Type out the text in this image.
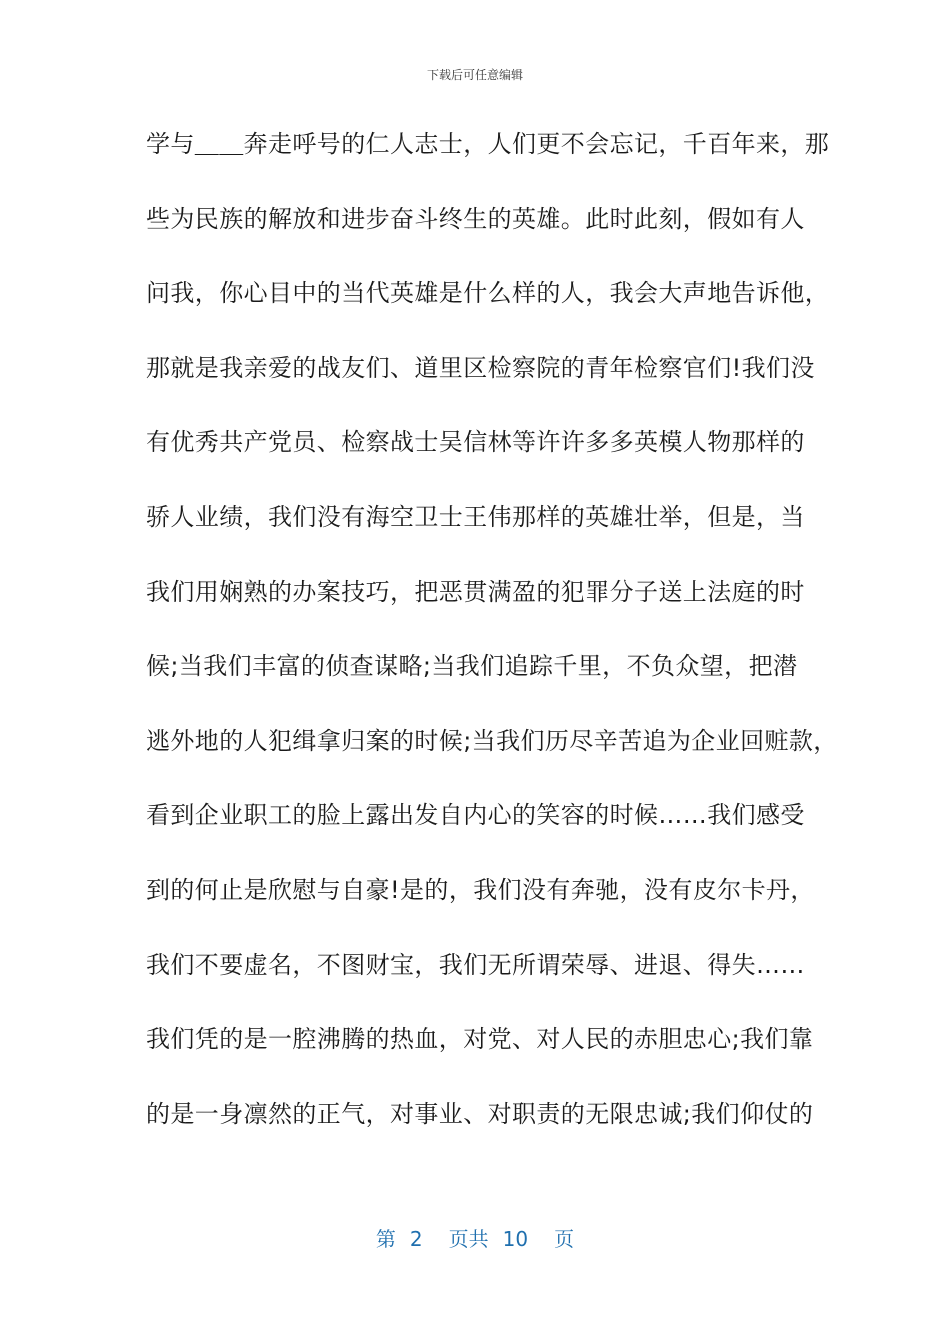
下载后可任意编辑
学与＿＿奔走呼号的仁人志士，人们更不会忘记，千百年来，那
些为民族的解放和进步奋斗终生的英雄。此时此刻，假如有人
问我，你心目中的当代英雄是什么样的人，我会大声地告诉他，
那就是我亲爱的战友们、道里区检察院的青年检察官们!我们没
有优秀共产党员、检察战士吴信林等许许多多英模人物那样的
骄人业绩，我们没有海空卫士王伟那样的英雄壮举，但是，当
我们用娴熟的办案技巧，把恶贯满盈的犯罪分子送上法庭的时
候;当我们丰富的侦查谋略;当我们追踪千里，不负众望，把潜
逃外地的人犯缉拿归案的时候;当我们历尽辛苦追为企业回赃款，
看到企业职工的脸上露出发自内心的笑容的时候……我们感受
到的何止是欣慰与自豪!是的，我们没有奔驰，没有皮尔卡丹，
我们不要虚名，不图财宝，我们无所谓荣辱、进退、得失……
我们凭的是一腔沸腾的热血，对党、对人民的赤胆忠心;我们靠
的是一身凛然的正气，对事业、对职责的无限忠诚;我们仰仗的
第 2 页共 10 页
